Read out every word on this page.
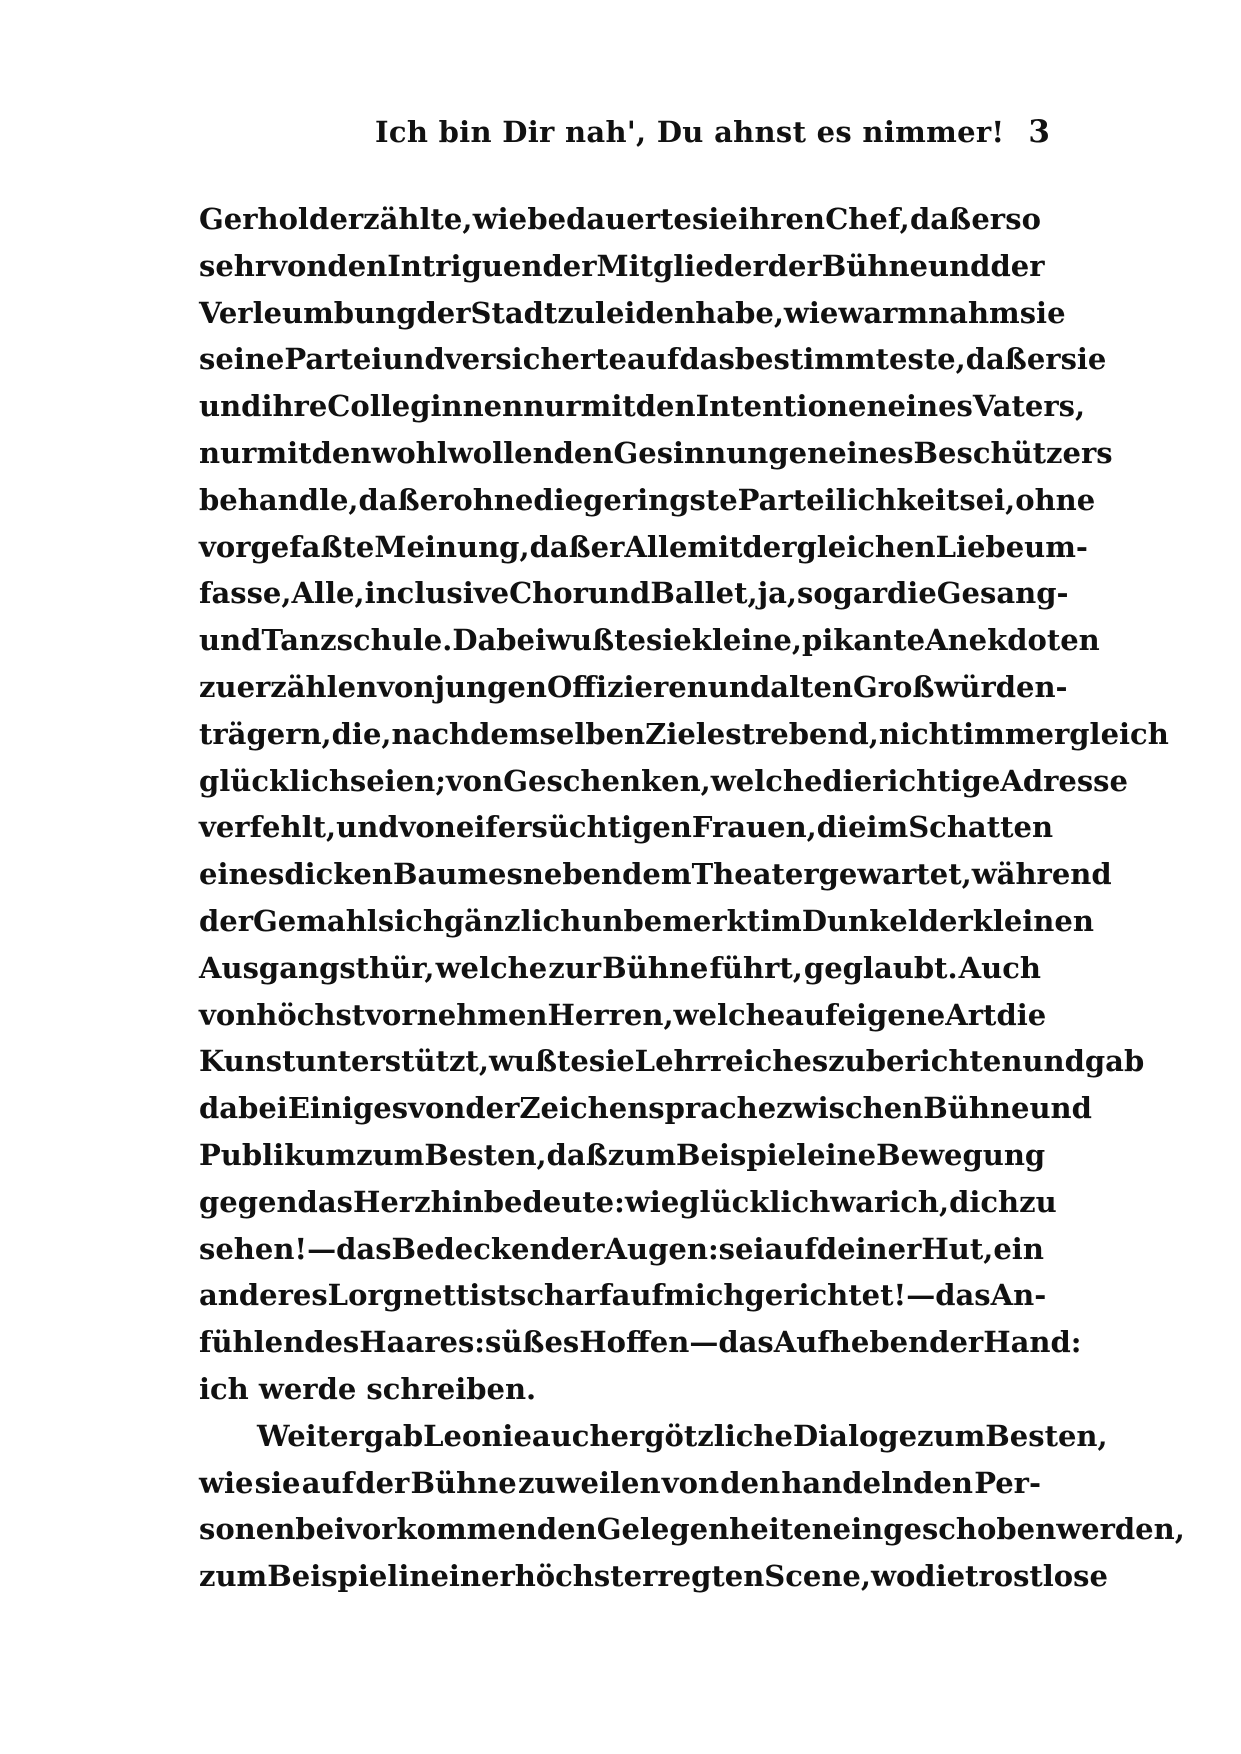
Ich bin Dir nah', Du ahnst es nimmer! 3
Gerhold erzählte, wie bedauerte sie ihren Chef, daß er so
sehr von den Intriguen der Mitglieder der Bühne und der
Verleumbung der Stadt zu leiden habe, wie warm nahm sie
seine Partei und versicherte auf das bestimmteste, daß er sie
und ihre Colleginnen nur mit den Intentionen eines Vaters,
nur mit den wohlwollenden Gesinnungen eines Beschützers
behandle, daß er ohne die geringste Parteilichkeit sei, ohne
vorgefaßte Meinung, daß er Alle mit der gleichen Liebe um-
fasse, Alle, inclusive Chor und Ballet, ja, sogar die Gesang-
und Tanzschule. Dabei wußte sie kleine, pikante Anekdoten
zu erzählen von jungen Offizieren und alten Großwürden-
trägern, die, nach demselben Ziele strebend, nicht immer gleich
glücklich seien; von Geschenken, welche die richtige Adresse
verfehlt, und von eifersüchtigen Frauen, die im Schatten
eines dicken Baumes neben dem Theater gewartet, während
der Gemahl sich gänzlich unbemerkt im Dunkel der kleinen
Ausgangsthür, welche zur Bühne führt, geglaubt. Auch
von höchst vornehmen Herren, welche auf eigene Art die
Kunst unterstützt, wußte sie Lehrreiches zu berichten und gab
dabei Einiges von der Zeichensprache zwischen Bühne und
Publikum zum Besten, daß zum Beispiel eine Bewegung
gegen das Herz hin bedeute: wie glücklich war ich, dich zu
sehen! — das Bedecken der Augen: sei auf deiner Hut, ein
anderes Lorgnett ist scharf auf mich gerichtet! — das An-
fühlen des Haares: süßes Hoffen — das Aufheben der Hand:
ich
werde
schreiben.
Weiter gab Leonie auch ergötzliche Dialoge zum Besten,
wie sie auf der Bühne zuweilen von den handelnden Per-
sonen bei vorkommenden Gelegenheiten eingeschoben werden,
zum Beispiel in einer höchst erregten Scene, wo die trostlose
